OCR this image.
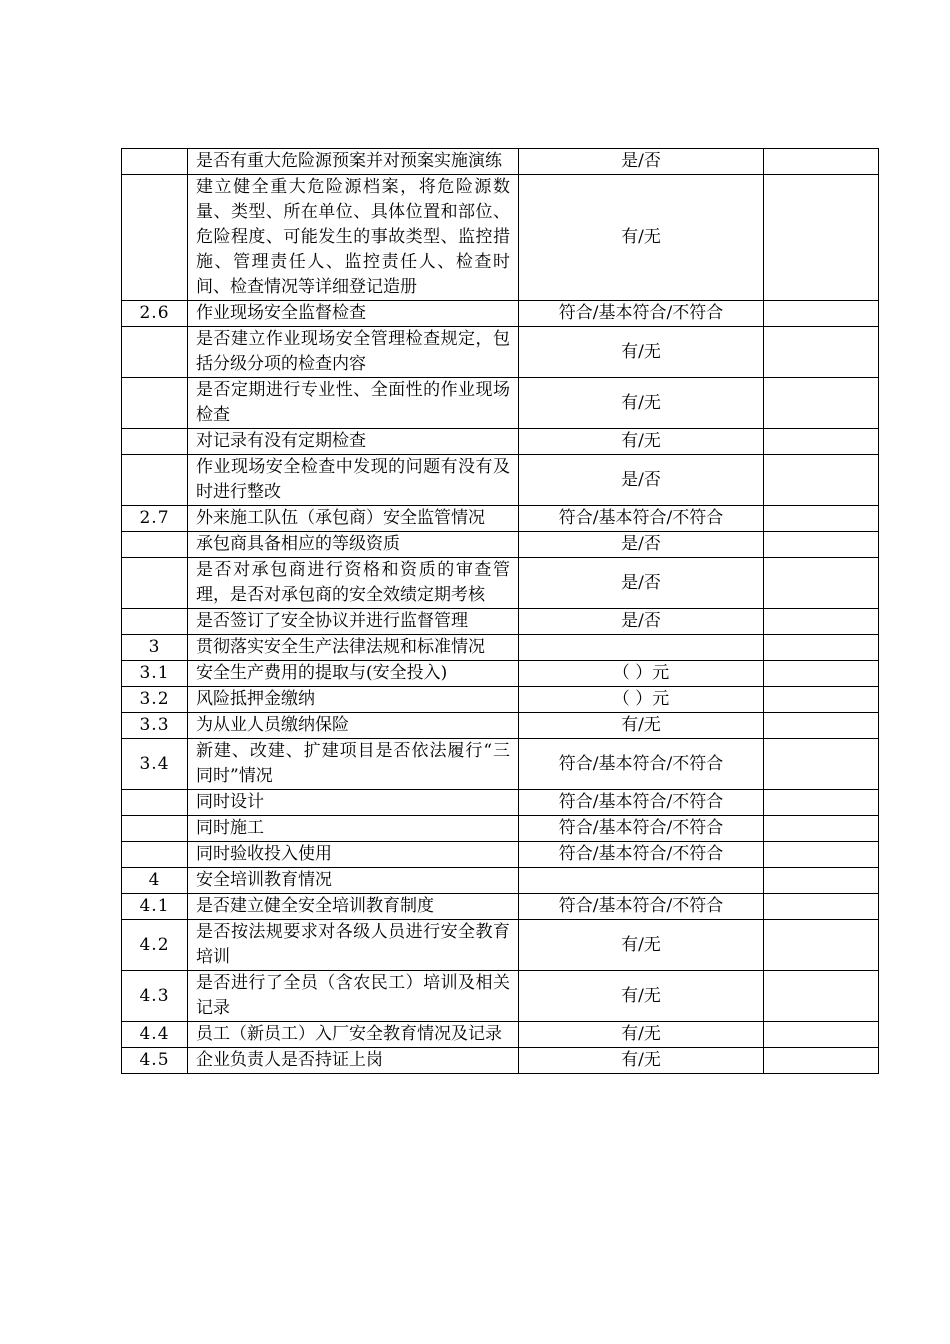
	是否有重大危险源预案并对预案实施演练	是/否	
	建立健全重大危险源档案，将危险源数量、类型、所在单位、具体位置和部位、危险程度、可能发生的事故类型、监控措施、管理责任人、监控责任人、检查时间、检查情况等详细登记造册	有/无	
2.6	作业现场安全监督检查	符合/基本符合/不符合	
	是否建立作业现场安全管理检查规定，包括分级分项的检查内容	有/无	
	是否定期进行专业性、全面性的作业现场检查	有/无	
	对记录有没有定期检查	有/无	
	作业现场安全检查中发现的问题有没有及时进行整改	是/否	
2.7	外来施工队伍（承包商）安全监管情况	符合/基本符合/不符合	
	承包商具备相应的等级资质	是/否	
	是否对承包商进行资格和资质的审查管理，是否对承包商的安全效绩定期考核	是/否	
	是否签订了安全协议并进行监督管理	是/否	
3	贯彻落实安全生产法律法规和标准情况		
3.1	安全生产费用的提取与(安全投入)	（ ）元	
3.2	风险抵押金缴纳	（ ）元	
3.3	为从业人员缴纳保险	有/无	
3.4	新建、改建、扩建项目是否依法履行“三同时”情况	符合/基本符合/不符合	
	同时设计	符合/基本符合/不符合	
	同时施工	符合/基本符合/不符合	
	同时验收投入使用	符合/基本符合/不符合	
4	安全培训教育情况		
4.1	是否建立健全安全培训教育制度	符合/基本符合/不符合	
4.2	是否按法规要求对各级人员进行安全教育培训	有/无	
4.3	是否进行了全员（含农民工）培训及相关记录	有/无	
4.4	员工（新员工）入厂安全教育情况及记录	有/无	
4.5	企业负责人是否持证上岗	有/无	
